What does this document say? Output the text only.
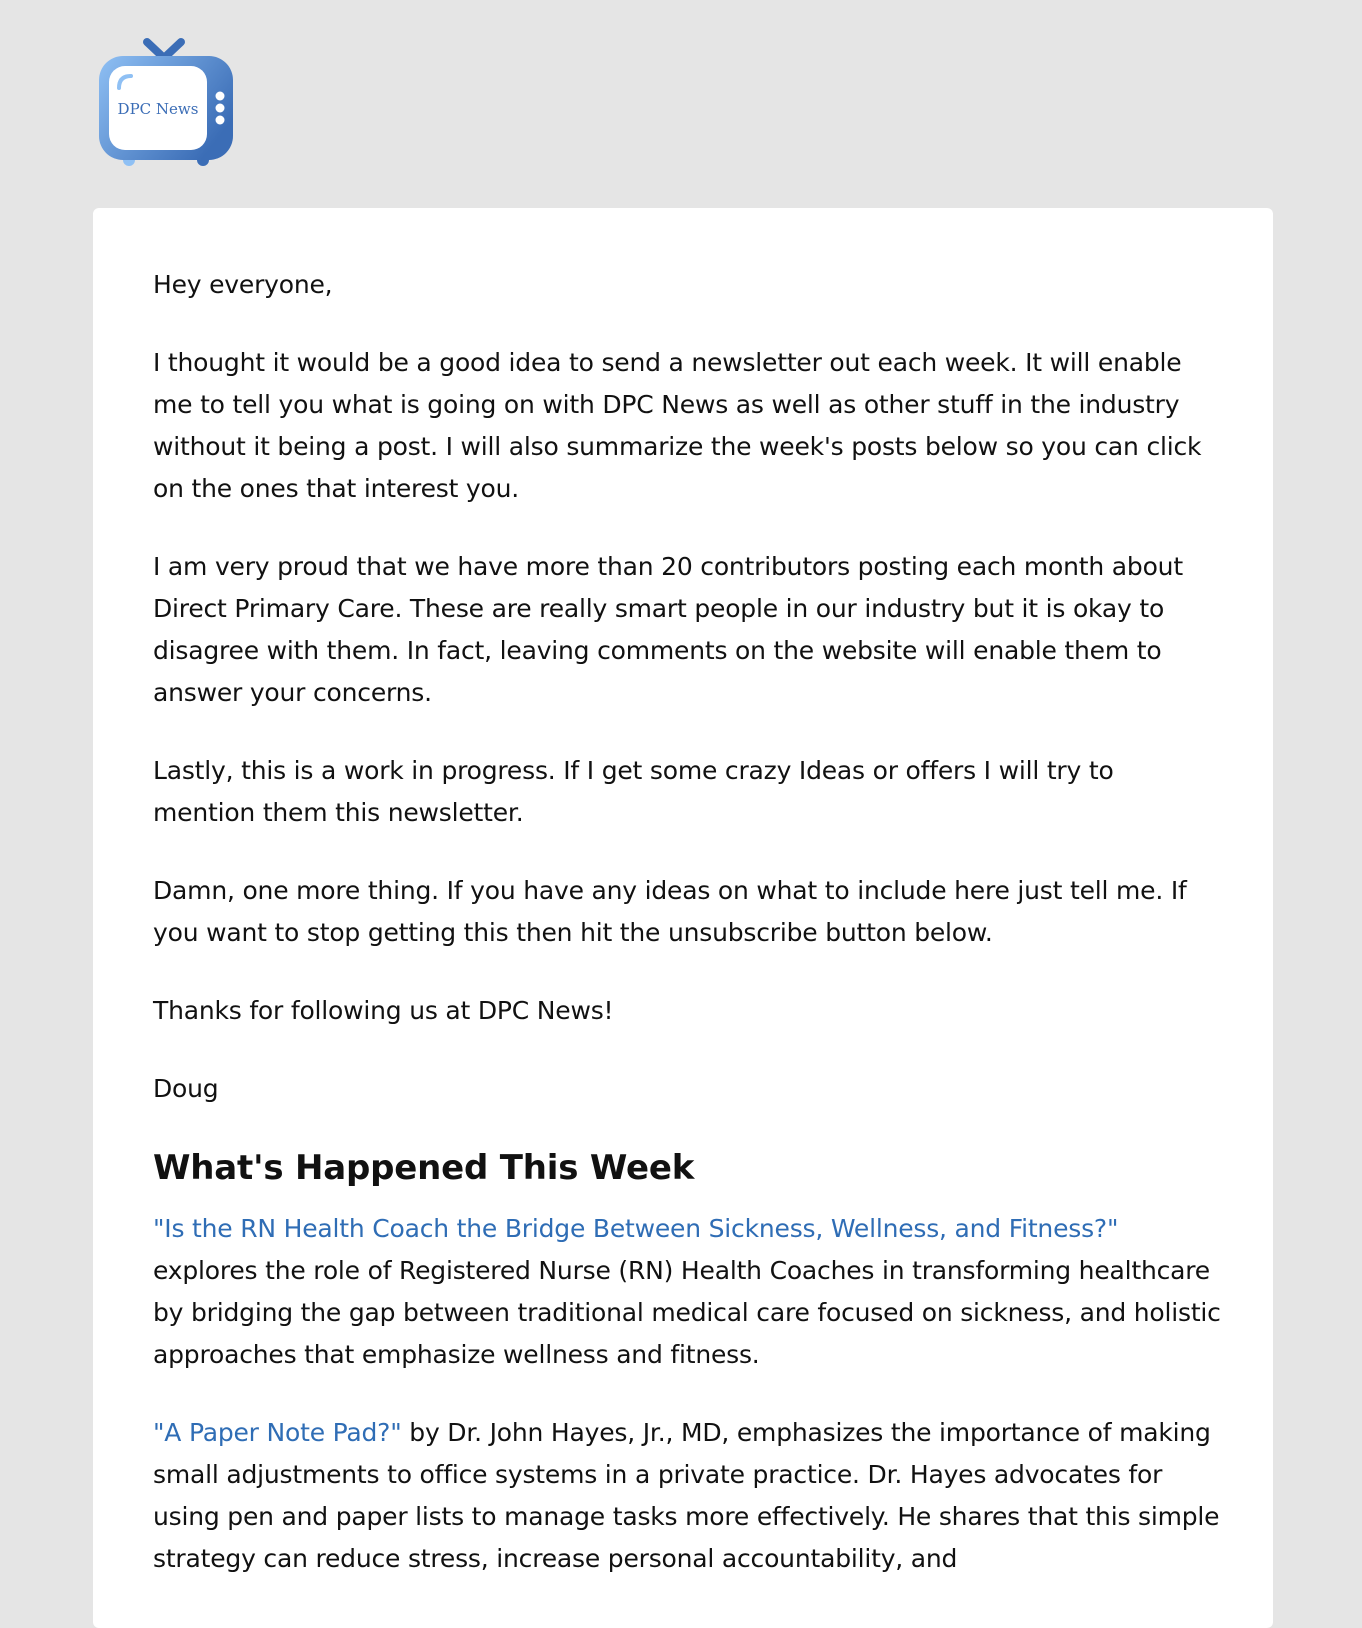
DPC News

Hey everyone,

I thought it would be a good idea to send a newsletter out each week. It will enable me to tell you what is going on with DPC News as well as other stuff in the industry without it being a post. I will also summarize the week's posts below so you can click on the ones that interest you.

I am very proud that we have more than 20 contributors posting each month about Direct Primary Care. These are really smart people in our industry but it is okay to disagree with them. In fact, leaving comments on the website will enable them to answer your concerns.

Lastly, this is a work in progress. If I get some crazy Ideas or offers I will try to mention them this newsletter.

Damn, one more thing. If you have any ideas on what to include here just tell me. If you want to stop getting this then hit the unsubscribe button below.

Thanks for following us at DPC News!

Doug

What's Happened This Week

"Is the RN Health Coach the Bridge Between Sickness, Wellness, and Fitness?"
explores the role of Registered Nurse (RN) Health Coaches in transforming healthcare by bridging the gap between traditional medical care focused on sickness, and holistic approaches that emphasize wellness and fitness.

"A Paper Note Pad?" by Dr. John Hayes, Jr., MD, emphasizes the importance of making small adjustments to office systems in a private practice. Dr. Hayes advocates for using pen and paper lists to manage tasks more effectively. He shares that this simple strategy can reduce stress, increase personal accountability, and
